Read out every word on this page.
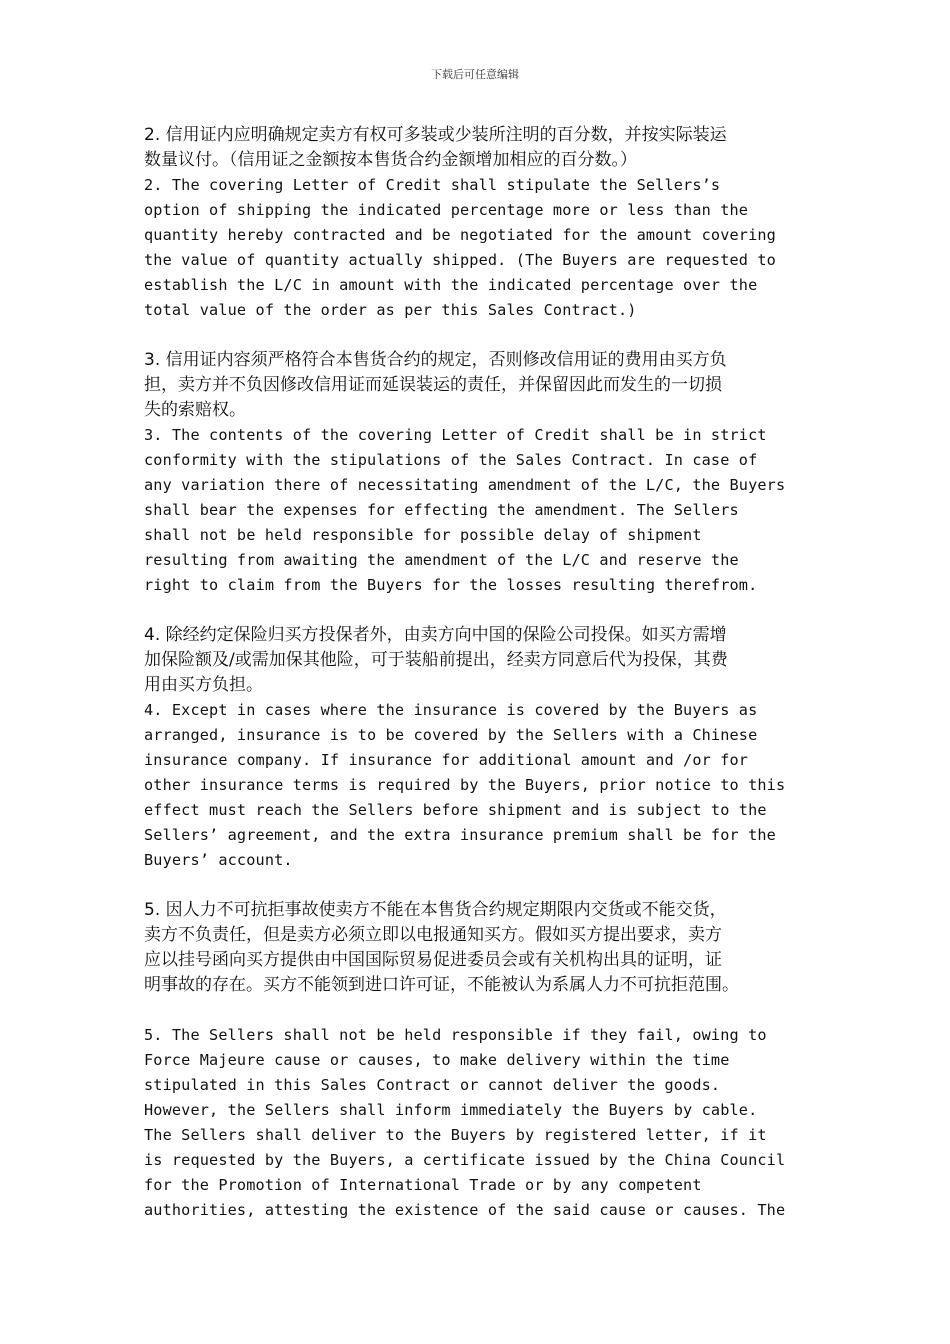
下载后可任意编辑
2. 信用证内应明确规定卖方有权可多装或少装所注明的百分数，并按实际装运
数量议付。（信用证之金额按本售货合约金额增加相应的百分数。）
2. The covering Letter of Credit shall stipulate the Sellers’s
option of shipping the indicated percentage more or less than the
quantity hereby contracted and be negotiated for the amount covering
the value of quantity actually shipped. (The Buyers are requested to
establish the L/C in amount with the indicated percentage over the
total value of the order as per this Sales Contract.)
3. 信用证内容须严格符合本售货合约的规定，否则修改信用证的费用由买方负
担，卖方并不负因修改信用证而延误装运的责任，并保留因此而发生的一切损
失的索赔权。
3. The contents of the covering Letter of Credit shall be in strict
conformity with the stipulations of the Sales Contract. In case of
any variation there of necessitating amendment of the L/C, the Buyers
shall bear the expenses for effecting the amendment. The Sellers
shall not be held responsible for possible delay of shipment
resulting from awaiting the amendment of the L/C and reserve the
right to claim from the Buyers for the losses resulting therefrom.
4. 除经约定保险归买方投保者外，由卖方向中国的保险公司投保。如买方需增
加保险额及/或需加保其他险，可于装船前提出，经卖方同意后代为投保，其费
用由买方负担。
4. Except in cases where the insurance is covered by the Buyers as
arranged, insurance is to be covered by the Sellers with a Chinese
insurance company. If insurance for additional amount and /or for
other insurance terms is required by the Buyers, prior notice to this
effect must reach the Sellers before shipment and is subject to the
Sellers’ agreement, and the extra insurance premium shall be for the
Buyers’ account.
5. 因人力不可抗拒事故使卖方不能在本售货合约规定期限内交货或不能交货，
卖方不负责任，但是卖方必须立即以电报通知买方。假如买方提出要求，卖方
应以挂号函向买方提供由中国国际贸易促进委员会或有关机构出具的证明，证
明事故的存在。买方不能领到进口许可证，不能被认为系属人力不可抗拒范围。
5. The Sellers shall not be held responsible if they fail, owing to
Force Majeure cause or causes, to make delivery within the time
stipulated in this Sales Contract or cannot deliver the goods.
However, the Sellers shall inform immediately the Buyers by cable.
The Sellers shall deliver to the Buyers by registered letter, if it
is requested by the Buyers, a certificate issued by the China Council
for the Promotion of International Trade or by any competent
authorities, attesting the existence of the said cause or causes. The
